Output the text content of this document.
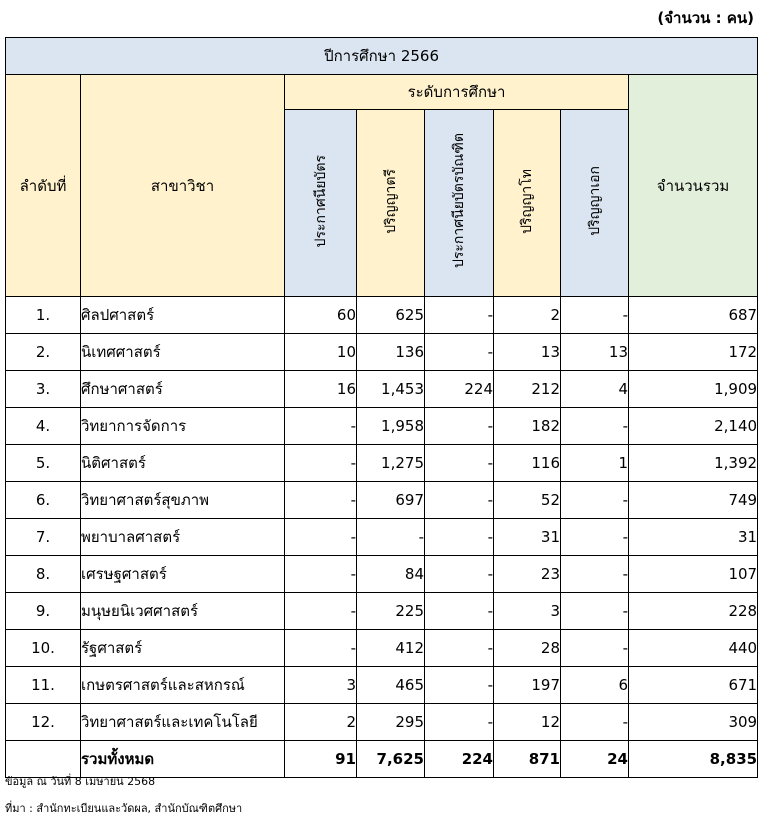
(จำนวน : คน)
ปีการศึกษา 2566							
ลำดับที่	สาขาวิชา	ระดับการศึกษา					จำนวนรวม
		ประกาศนียบัตร	ปริญญาตรี	ประกาศนียบัตรบัณฑิต	ปริญญาโท	ปริญญาเอก	
1.	ศิลปศาสตร์	60	625	-	2	-	687
2.	นิเทศศาสตร์	10	136	-	13	13	172
3.	ศึกษาศาสตร์	16	1,453	224	212	4	1,909
4.	วิทยาการจัดการ	-	1,958	-	182	-	2,140
5.	นิติศาสตร์	-	1,275	-	116	1	1,392
6.	วิทยาศาสตร์สุขภาพ	-	697	-	52	-	749
7.	พยาบาลศาสตร์	-	-	-	31	-	31
8.	เศรษฐศาสตร์	-	84	-	23	-	107
9.	มนุษยนิเวศศาสตร์	-	225	-	3	-	228
10.	รัฐศาสตร์	-	412	-	28	-	440
11.	เกษตรศาสตร์และสหกรณ์	3	465	-	197	6	671
12.	วิทยาศาสตร์และเทคโนโลยี	2	295	-	12	-	309
	รวมทั้งหมด	91	7,625	224	871	24	8,835
ข้อมูล ณ วันที่ 8 เมษายน 2568
ที่มา : สำนักทะเบียนและวัดผล, สำนักบัณฑิตศึกษา
